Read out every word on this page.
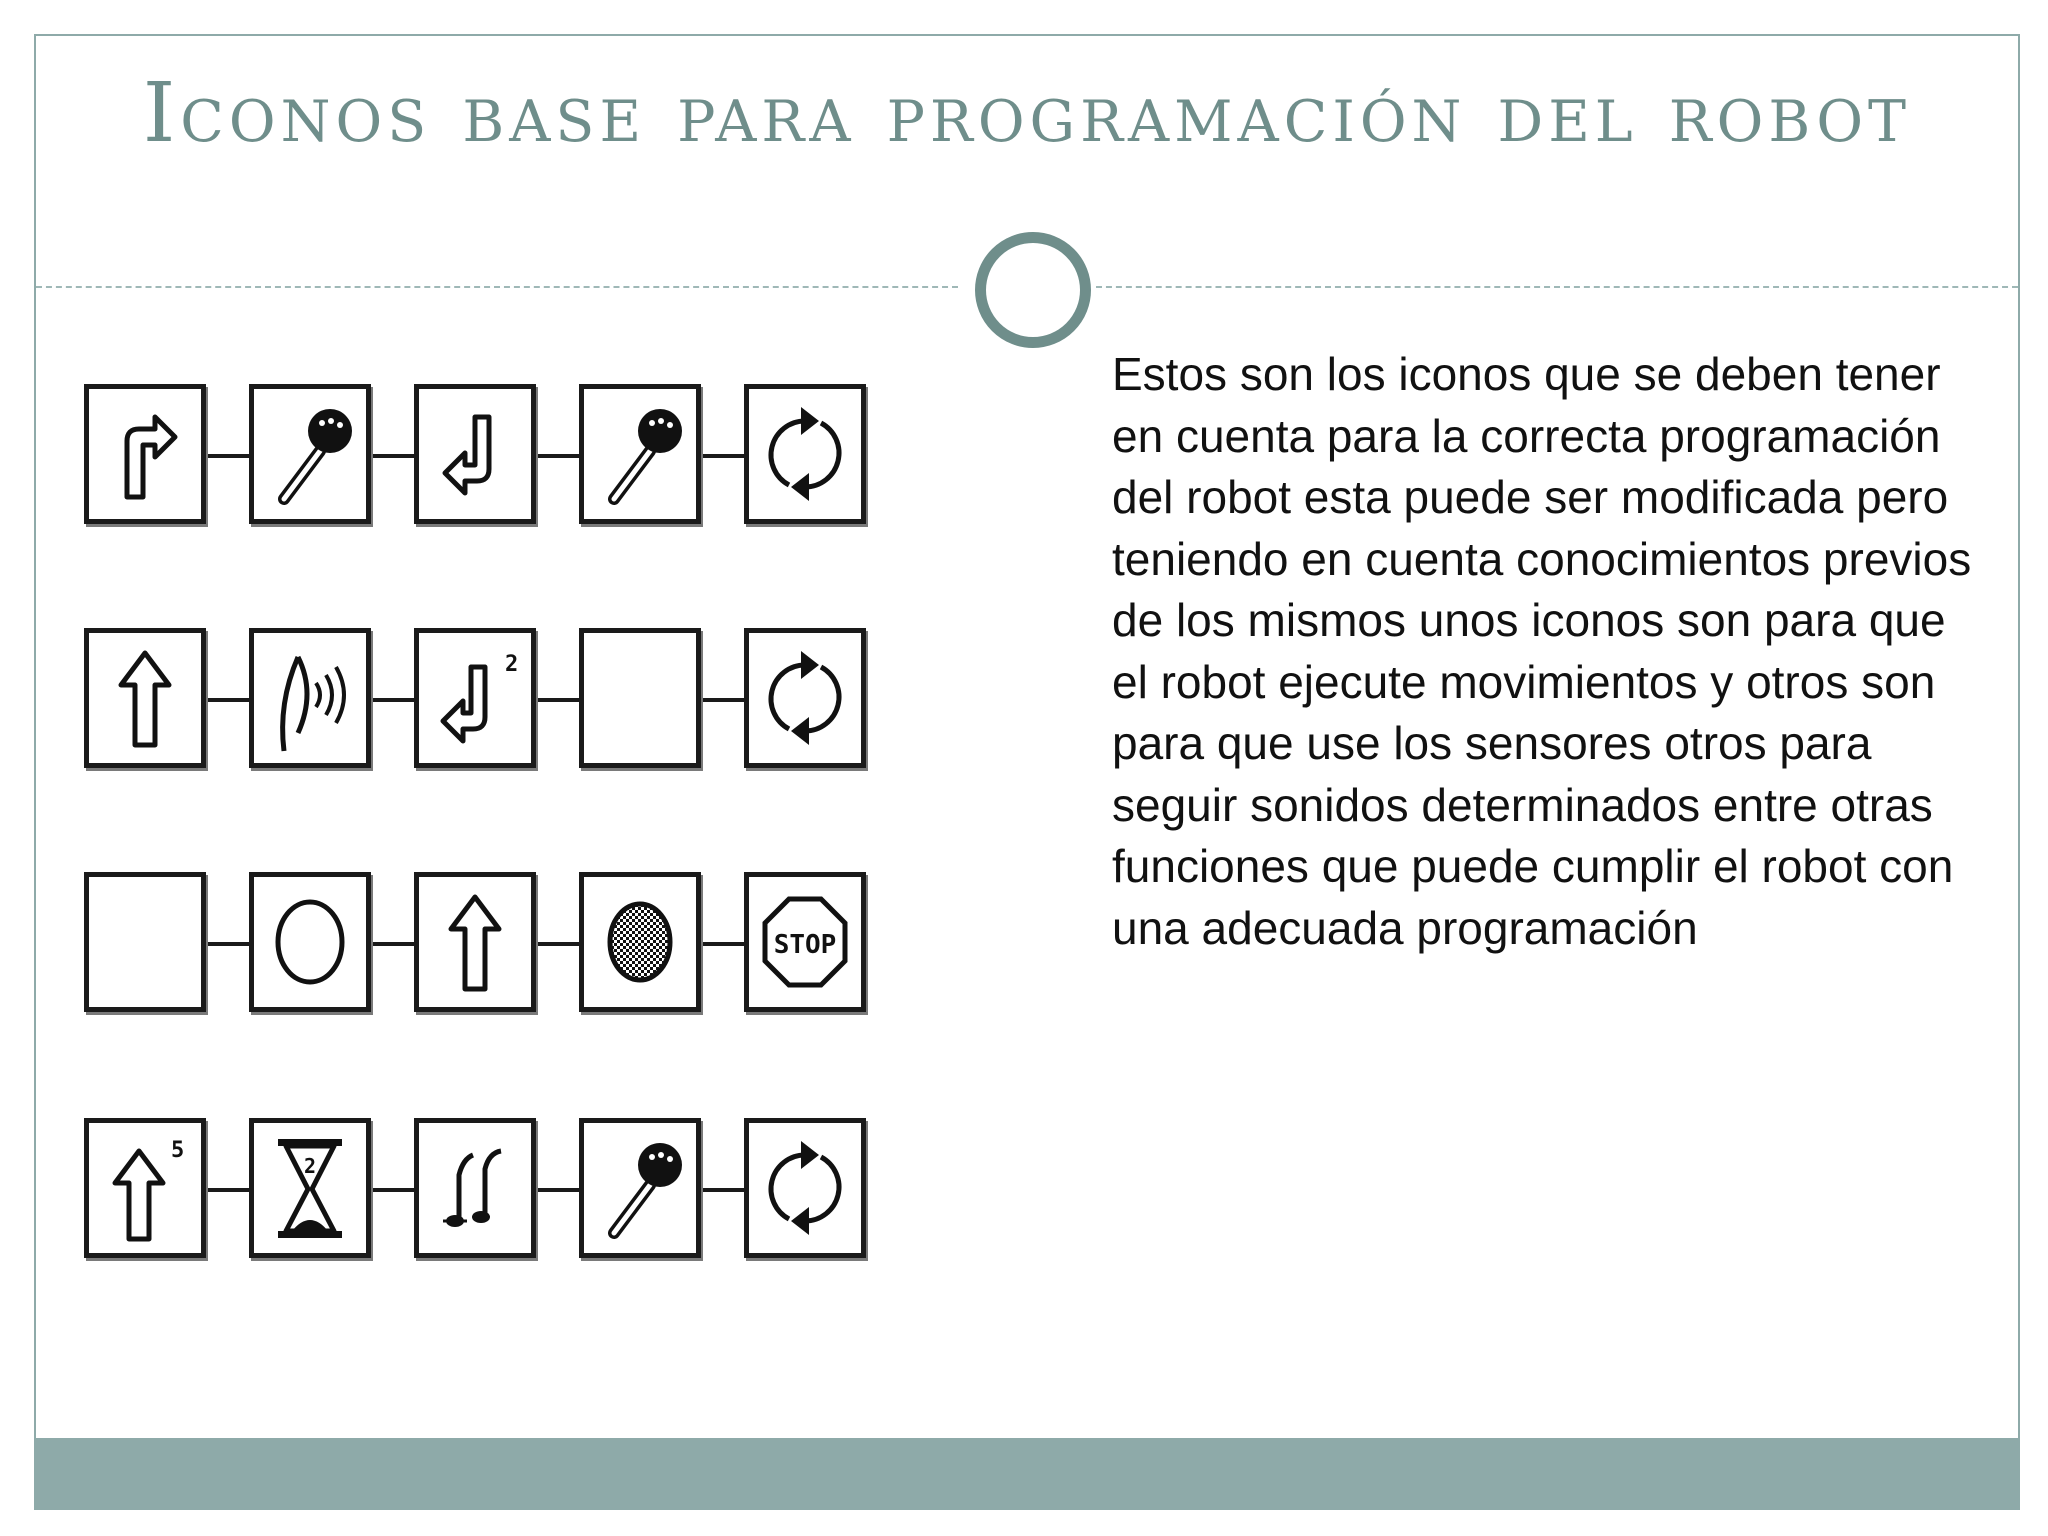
Iconos base para programación del robot
2
STOP
5
2

Estos son los iconos que se deben tener en cuenta para la correcta programación del robot esta puede ser modificada pero teniendo en cuenta conocimientos previos de los mismos unos iconos son para que el robot ejecute movimientos y otros son para que use los sensores otros para seguir sonidos determinados entre otras funciones que puede cumplir el robot con una adecuada programación
